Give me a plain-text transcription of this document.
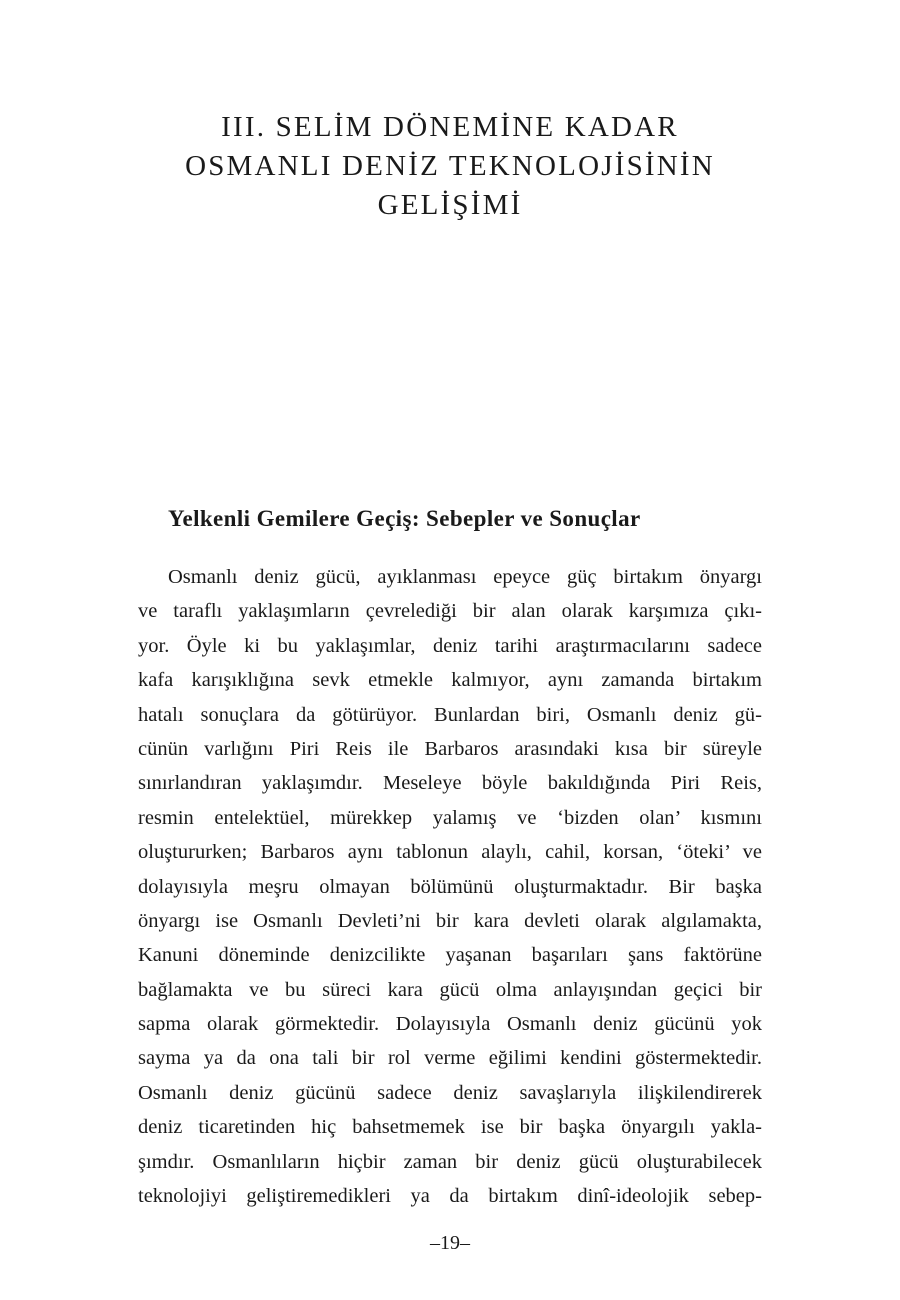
III. SELİM DÖNEMİNE KADAR
OSMANLI DENİZ TEKNOLOJİSİNİN
GELİŞİMİ
Yelkenli Gemilere Geçiş: Sebepler ve Sonuçlar
Osmanlı deniz gücü, ayıklanması epeyce güç birtakım önyargı
ve taraflı yaklaşımların çevrelediği bir alan olarak karşımıza çıkı-
yor. Öyle ki bu yaklaşımlar, deniz tarihi araştırmacılarını sadece
kafa karışıklığına sevk etmekle kalmıyor, aynı zamanda birtakım
hatalı sonuçlara da götürüyor. Bunlardan biri, Osmanlı deniz gü-
cünün varlığını Piri Reis ile Barbaros arasındaki kısa bir süreyle
sınırlandıran yaklaşımdır. Meseleye böyle bakıldığında Piri Reis,
resmin entelektüel, mürekkep yalamış ve ‘bizden olan’ kısmını
oluştururken; Barbaros aynı tablonun alaylı, cahil, korsan, ‘öteki’ ve
dolayısıyla meşru olmayan bölümünü oluşturmaktadır. Bir başka
önyargı ise Osmanlı Devleti’ni bir kara devleti olarak algılamakta,
Kanuni döneminde denizcilikte yaşanan başarıları şans faktörüne
bağlamakta ve bu süreci kara gücü olma anlayışından geçici bir
sapma olarak görmektedir. Dolayısıyla Osmanlı deniz gücünü yok
sayma ya da ona tali bir rol verme eğilimi kendini göstermektedir.
Osmanlı deniz gücünü sadece deniz savaşlarıyla ilişkilendirerek
deniz ticaretinden hiç bahsetmemek ise bir başka önyargılı yakla-
şımdır. Osmanlıların hiçbir zaman bir deniz gücü oluşturabilecek
teknolojiyi geliştiremedikleri ya da birtakım dinî-ideolojik sebep-

–19–
